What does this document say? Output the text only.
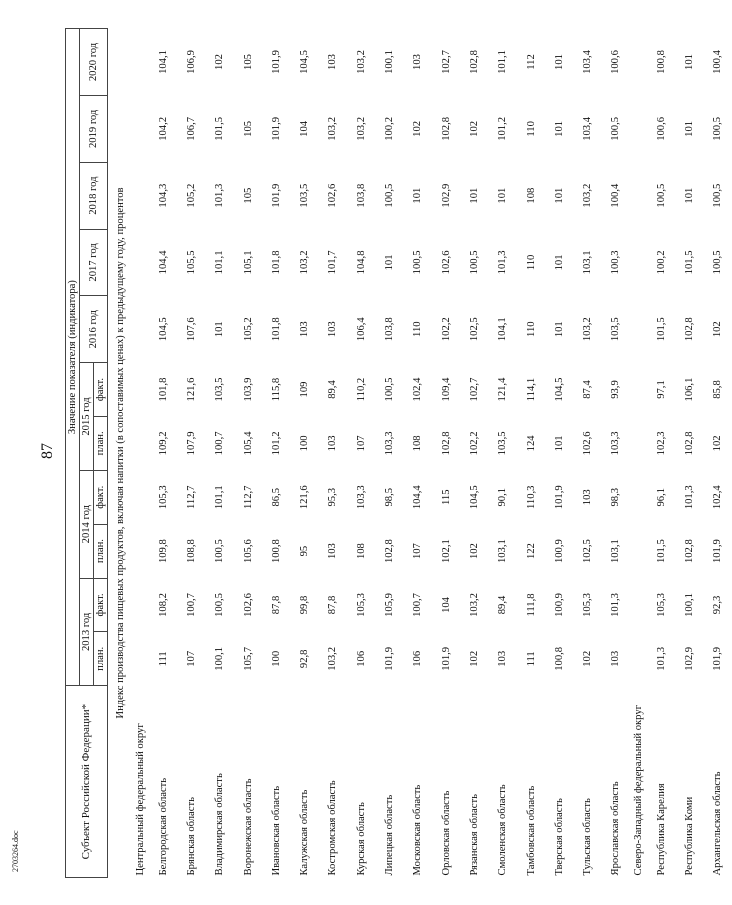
87
2703264.doc	Субъект Российской Федерации*	Значение показателя (индикатора)										
	2013 год		2014 год		2015 год		2016 год	2017 год	2018 год	2019 год	2020 год
	план.	факт.	план.	факт.	план.	факт.					
Индекс производства пищевых продуктов, включая напитки (в сопоставимых ценах) к предыдущему году, процентов											
Центральный федеральный округ											
Белгородская область	111	108,2	109,8	105,3	109,2	101,8	104,5	104,4	104,3	104,2	104,1
Брянская область	107	100,7	108,8	112,7	107,9	121,6	107,6	105,5	105,2	106,7	106,9
Владимирская область	100,1	100,5	100,5	101,1	100,7	103,5	101	101,1	101,3	101,5	102
Воронежская область	105,7	102,6	105,6	112,7	105,4	103,9	105,2	105,1	105	105	105
Ивановская область	100	87,8	100,8	86,5	101,2	115,8	101,8	101,8	101,9	101,9	101,9
Калужская область	92,8	99,8	95	121,6	100	109	103	103,2	103,5	104	104,5
Костромская область	103,2	87,8	103	95,3	103	89,4	103	101,7	102,6	103,2	103
Курская область	106	105,3	108	103,3	107	110,2	106,4	104,8	103,8	103,2	103,2
Липецкая область	101,9	105,9	102,8	98,5	103,3	100,5	103,8	101	100,5	100,2	100,1
Московская область	106	100,7	107	104,4	108	102,4	110	100,5	101	102	103
Орловская область	101,9	104	102,1	115	102,8	109,4	102,2	102,6	102,9	102,8	102,7
Рязанская область	102	103,2	102	104,5	102,2	102,7	102,5	100,5	101	102	102,8
Смоленская область	103	89,4	103,1	90,1	103,5	121,4	104,1	101,3	101	101,2	101,1
Тамбовская область	111	111,8	122	110,3	124	114,1	110	110	108	110	112
Тверская область	100,8	100,9	100,9	101,9	101	104,5	101	101	101	101	101
Тульская область	102	105,3	102,5	103	102,6	87,4	103,2	103,1	103,2	103,4	103,4
Ярославская область	103	101,3	103,1	98,3	103,3	93,9	103,5	100,3	100,4	100,5	100,6
Северо-Западный федеральный округ											
Республика Карелия	101,3	105,3	101,5	96,1	102,3	97,1	101,5	100,2	100,5	100,6	100,8
Республика Коми	102,9	100,1	102,8	101,3	102,8	106,1	102,8	101,5	101	101	101
Архангельская область	101,9	92,3	101,9	102,4	102	85,8	102	100,5	100,5	100,5	100,4
